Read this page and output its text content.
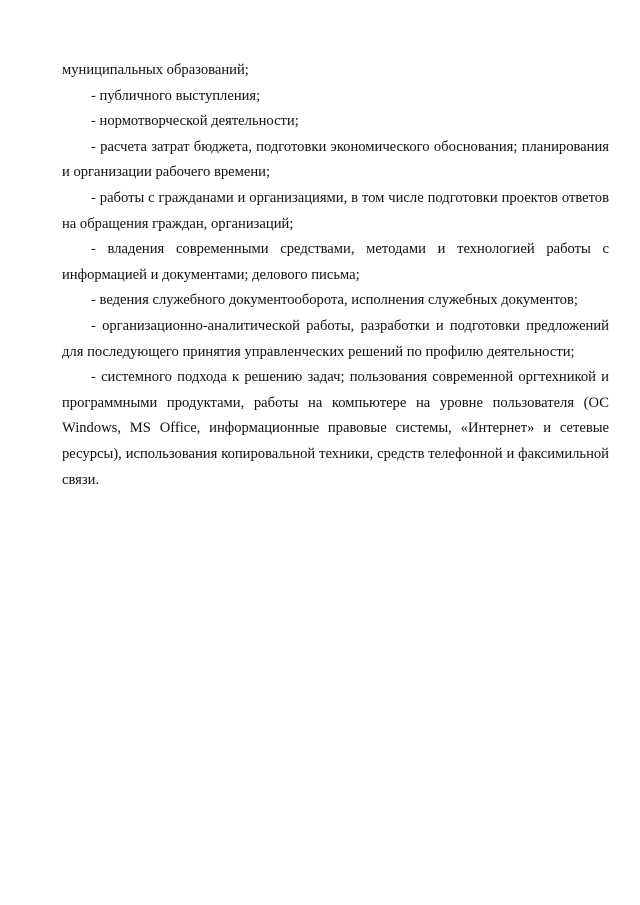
муниципальных образований;

- публичного выступления;

- нормотворческой деятельности;

- расчета затрат бюджета, подготовки экономического обоснования; планирования и организации рабочего времени;

- работы с гражданами и организациями, в том числе подготовки проектов ответов на обращения граждан, организаций;

- владения современными средствами, методами и технологией работы с информацией и документами; делового письма;

- ведения служебного документооборота, исполнения служебных документов;

- организационно-аналитической работы, разработки и подготовки предложений для последующего принятия управленческих решений по профилю деятельности;

- системного подхода к решению задач; пользования современной оргтехникой и программными продуктами, работы на компьютере на уровне пользователя (ОС Windows, MS Office, информационные правовые системы, «Интернет» и сетевые ресурсы), использования копировальной техники, средств телефонной и факсимильной связи.
